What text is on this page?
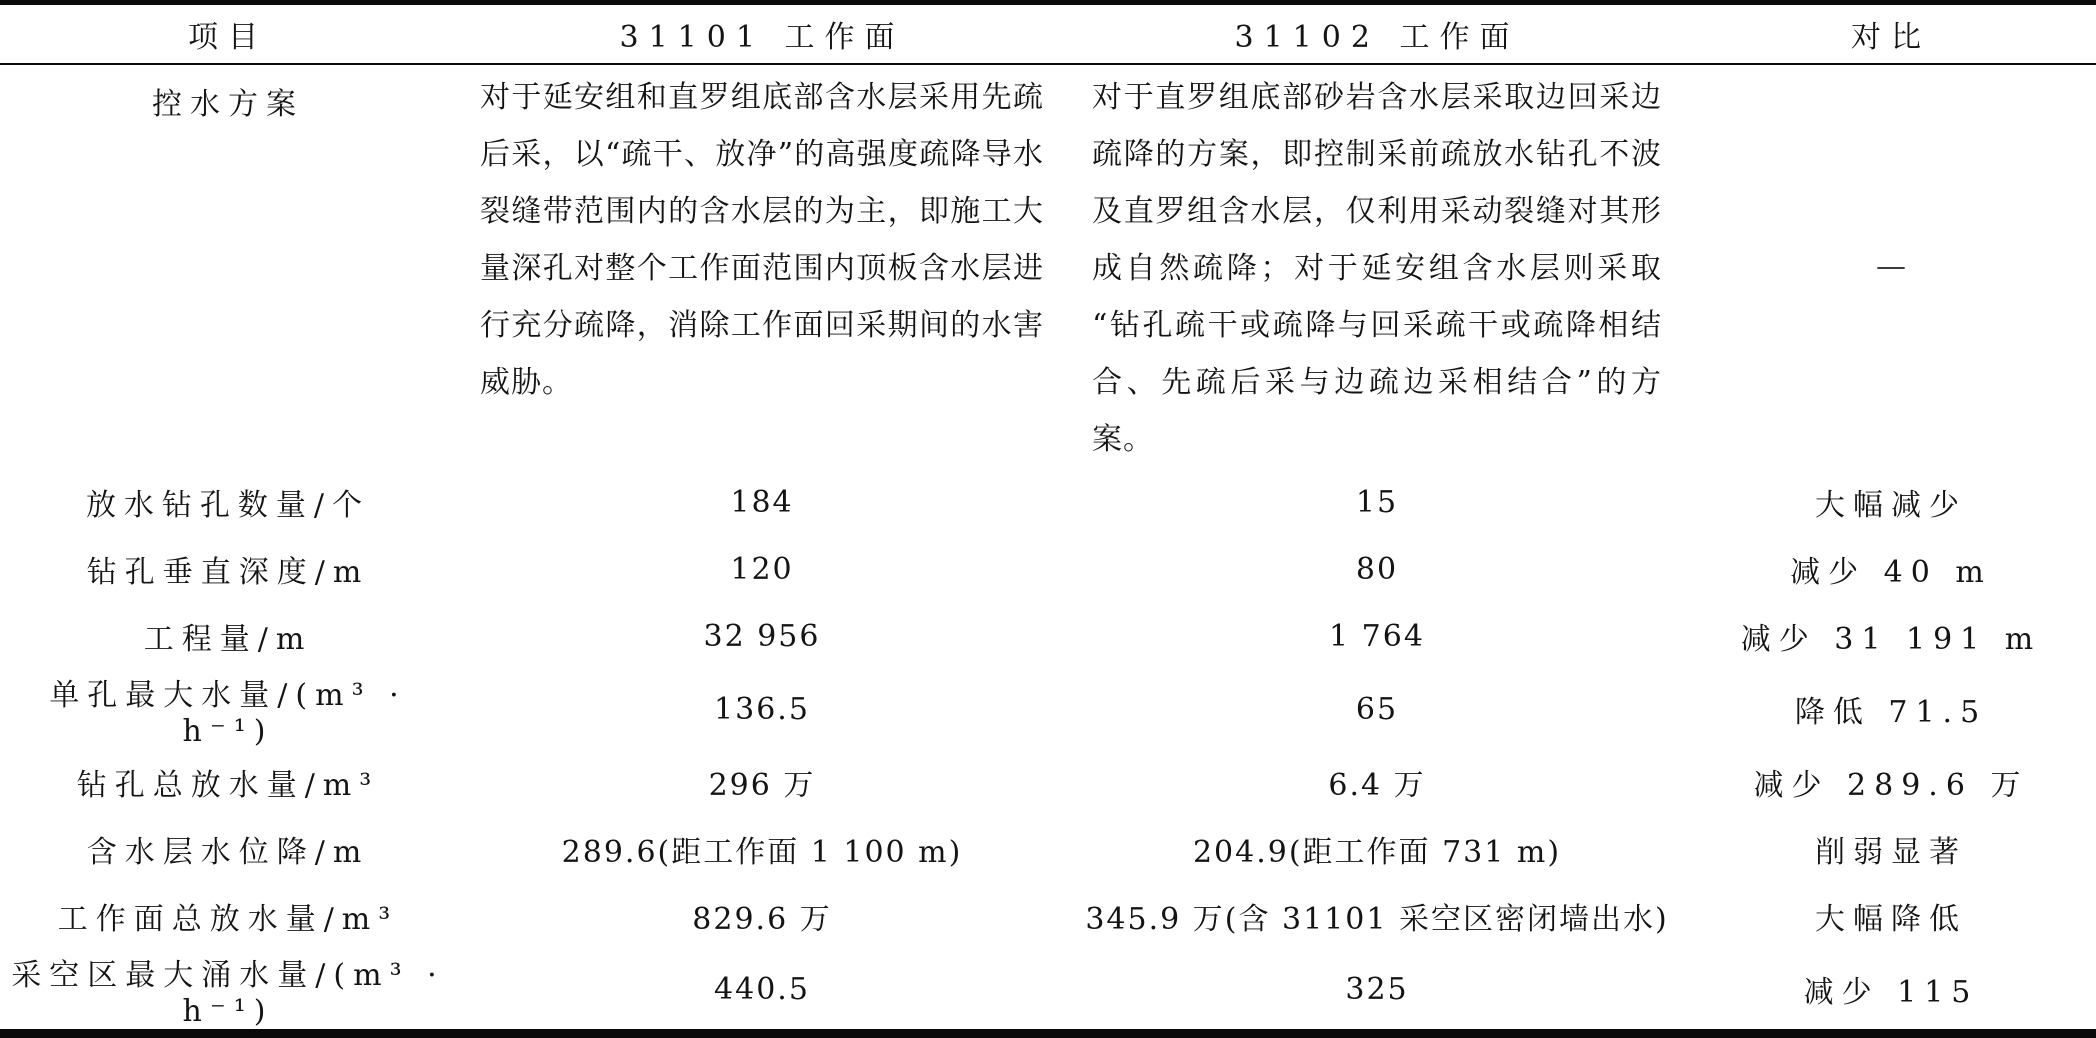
项目	31101 工作面	31102 工作面	对比
控水方案	对于延安组和直罗组底部含水层采用先疏后采，以“疏干、放净”的高强度疏降导水裂缝带范围内的含水层的为主，即施工大量深孔对整个工作面范围内顶板含水层进行充分疏降，消除工作面回采期间的水害威胁。	对于直罗组底部砂岩含水层采取边回采边疏降的方案，即控制采前疏放水钻孔不波及直罗组含水层，仅利用采动裂缝对其形成自然疏降；对于延安组含水层则采取“钻孔疏干或疏降与回采疏干或疏降相结合、先疏后采与边疏边采相结合”的方案。	—
放水钻孔数量/个	184	15	大幅减少
钻孔垂直深度/m	120	80	减少 40 m
工程量/m	32 956	1 764	减少 31 191 m
单孔最大水量/(m³ · h⁻¹)	136.5	65	降低 71.5
钻孔总放水量/m³	296 万	6.4 万	减少 289.6 万
含水层水位降/m	289.6(距工作面 1 100 m)	204.9(距工作面 731 m)	削弱显著
工作面总放水量/m³	829.6 万	345.9 万(含 31101 采空区密闭墙出水)	大幅降低
采空区最大涌水量/(m³ · h⁻¹)	440.5	325	减少 115
